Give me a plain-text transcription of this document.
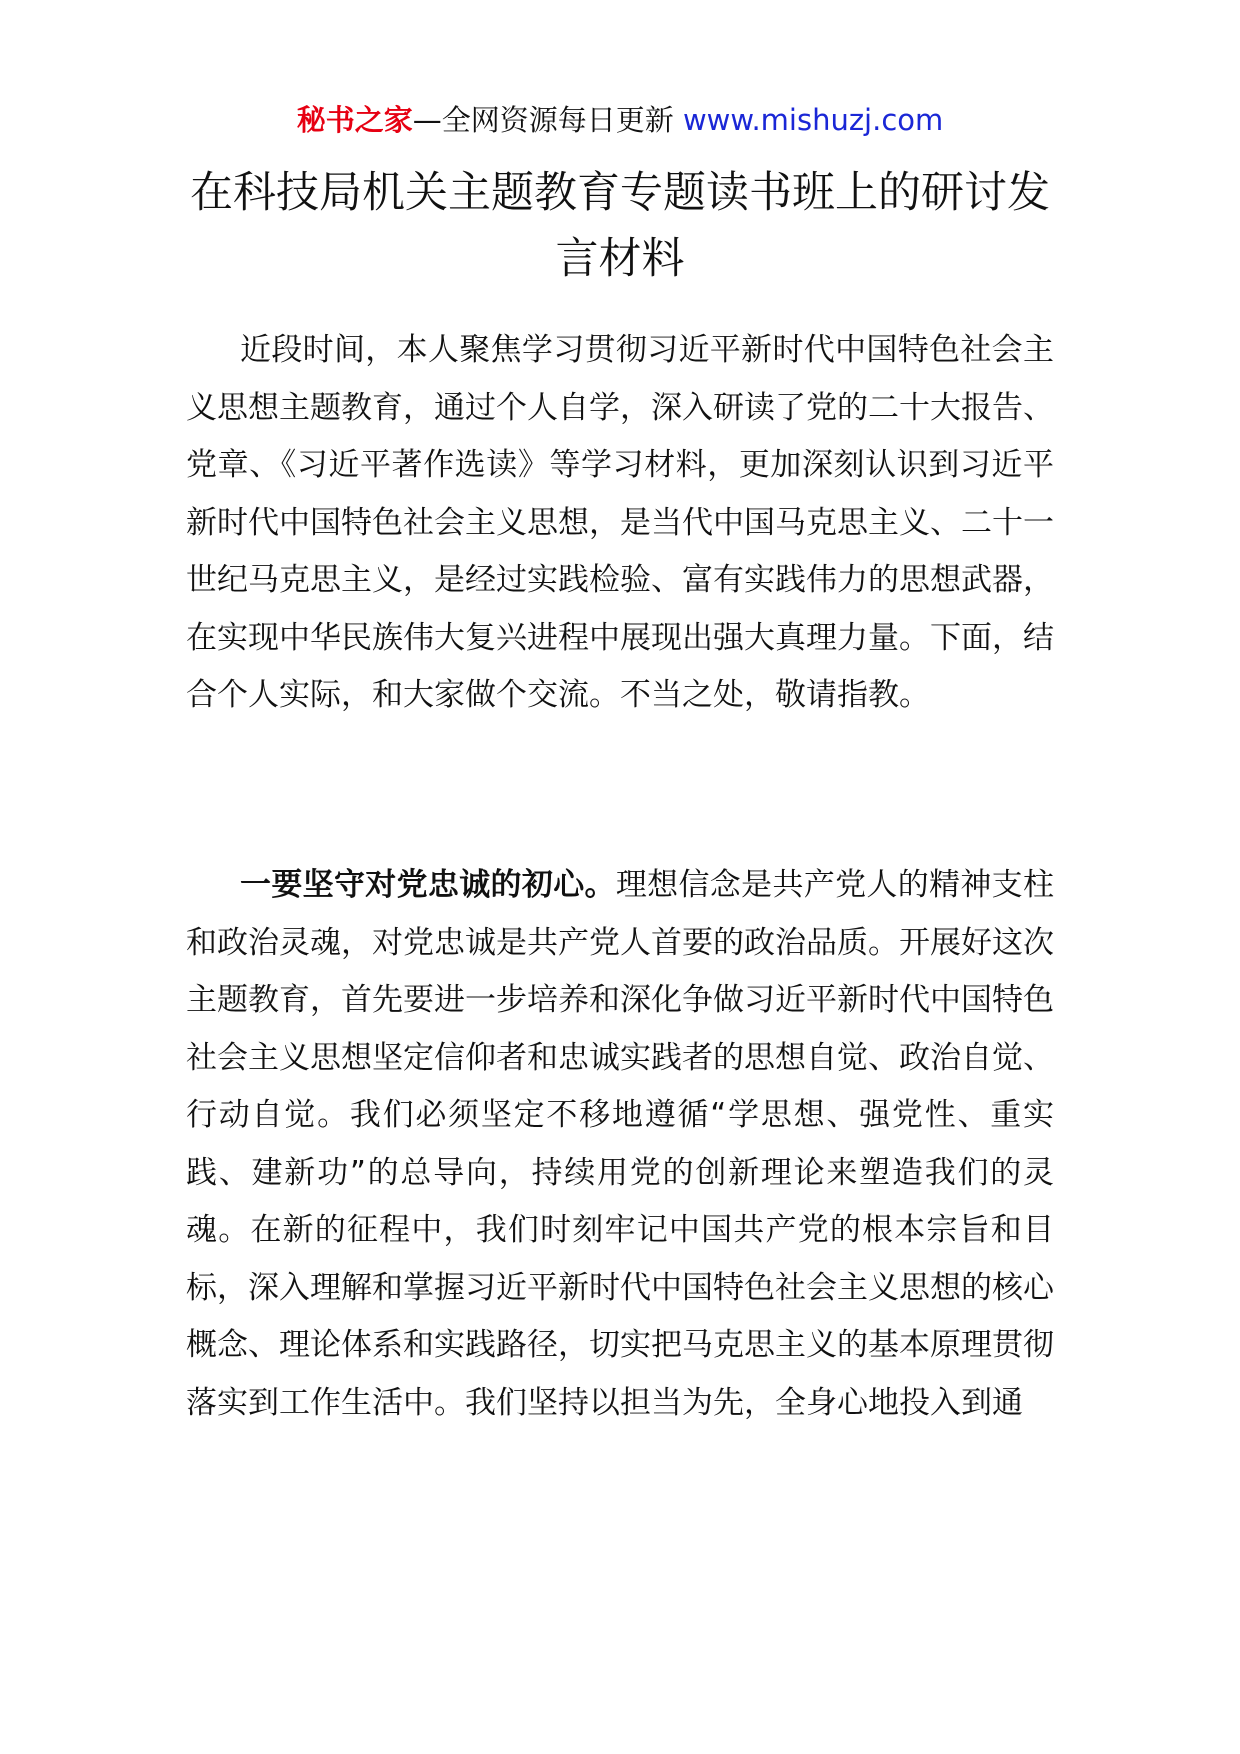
秘书之家—全网资源每日更新 www.mishuzj.com
在科技局机关主题教育专题读书班上的研讨发言材料

近段时间，本人聚焦学习贯彻习近平新时代中国特色社会主义思想主题教育，通过个人自学，深入研读了党的二十大报告、党章、《习近平著作选读》等学习材料，更加深刻认识到习近平新时代中国特色社会主义思想，是当代中国马克思主义、二十一世纪马克思主义，是经过实践检验、富有实践伟力的思想武器，在实现中华民族伟大复兴进程中展现出强大真理力量。下面，结合个人实际，和大家做个交流。不当之处，敬请指教。

一要坚守对党忠诚的初心。理想信念是共产党人的精神支柱和政治灵魂，对党忠诚是共产党人首要的政治品质。开展好这次主题教育，首先要进一步培养和深化争做习近平新时代中国特色社会主义思想坚定信仰者和忠诚实践者的思想自觉、政治自觉、行动自觉。我们必须坚定不移地遵循“学思想、强党性、重实践、建新功”的总导向，持续用党的创新理论来塑造我们的灵魂。在新的征程中，我们时刻牢记中国共产党的根本宗旨和目标，深入理解和掌握习近平新时代中国特色社会主义思想的核心概念、理论体系和实践路径，切实把马克思主义的基本原理贯彻落实到工作生活中。我们坚持以担当为先，全身心地投入到通
